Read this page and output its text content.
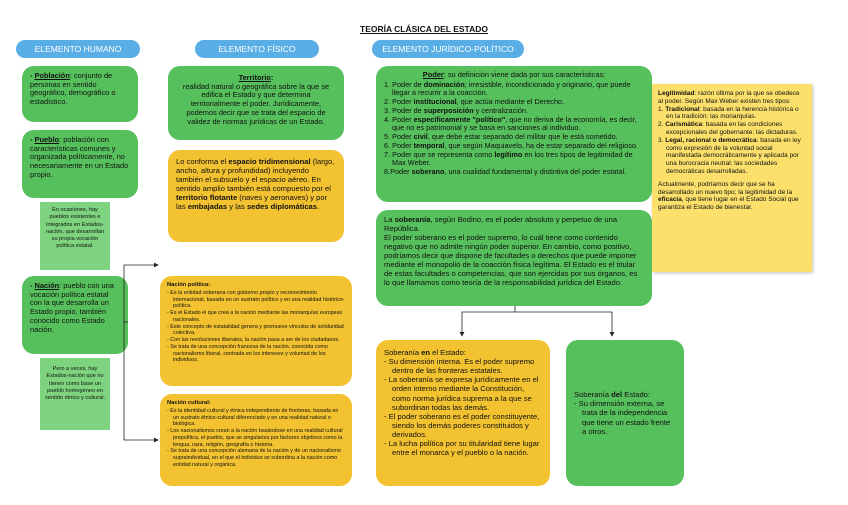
TEORÍA CLÁSICA DEL ESTADO
ELEMENTO HUMANO	ELEMENTO FÍSICO	ELEMENTO JURÍDICO-POLÍTICO
- Población: conjunto de personas en sentido geográfico, demográfico o estadístico.
- Pueblo: población con características comunes y organizada políticamente, no necesariamente en un Estado propio.
En ocasiones, hay pueblos existentes e integrados en Estados-nación, que desarrollan su propia vocación política estatal.
- Nación: pueblo con una vocación política estatal con la que desarrolla un Estado propio, también conocido como Estado nación.
Pero a veces, hay Estados-nación que no tienen como base un pueblo homogéneo en sentido étnico y cultural.
Nación política:
- Es la entidad soberana con gobierno propio y reconocimiento internacional, basada en un sustrato político y en una realidad histórico-política.
- Es el Estado el que crea a la nación mediante las monarquías europeas nacionales.
- Este concepto de estatalidad genera y promueve vínculos de solidaridad colectiva.
- Con las revoluciones liberales, la nación pasa a ser de los ciudadanos.
- Se trata de una concepción francesa de la nación, conocida como nacionalismo liberal, centrada en los intereses y voluntad de los individuos.
Nación cultural:
- Es la identidad cultural y étnica independiente de fronteras, basada en un sustrato étnico-cultural diferenciado y en una realidad natural o biológica.
- Los nacionalismos crean a la nación basándose en una realidad cultural prepolítica, el pueblo, que se singulariza por factores objetivos como la lengua, raza, religión, geografía o historia.
- Se trata de una concepción alemana de la nación y de un nacionalismo supraindividual, en el que el individuo se subordina a la nación como entidad natural y orgánica.
Territorio:
realidad natural o geográfica sobre la que se edifica el Estado y que determina territorialmente el poder. Jurídicamente, podemos decir que se trata del espacio de validez de normas jurídicas de un Estado.
Lo conforma el espacio tridimensional (largo, ancho, altura y profundidad) incluyendo también el subsuelo y el espacio aéreo. En sentido amplio también está compuesto por el territorio flotante (naves y aeronaves) y por las embajadas y las sedes diplomáticas.
Poder: su definición viene dada por sus características:
1. Poder de dominación; irresistible, incondicionado y originario, que puede llegar a recurrir a la coacción.
2. Poder institucional, que actúa mediante el Derecho.
3. Poder de superposición y centralización.
4. Poder específicamente "político", que no deriva de la economía, es decir, que no es patrimonial y se basa en sanciones al individuo.
5. Poder civil, que debe estar separado del militar que le está sometido.
6. Poder temporal, que según Maquiavelo, ha de estar separado del religioso.
7. Poder que se representa como legítimo en los tres tipos de legitimidad de Max Weber.
8.Poder soberano, una cualidad fundamental y distintiva del poder estatal.
Legitimidad: razón última por la que se obedece al poder. Según Max Weber existen tres tipos:
1. Tradicional: basada en la herencia histórica o en la tradición: las monarquías.
2. Carismática: basada en las condiciones excepcionales del gobernante: las dictaduras.
3. Legal, racional o democrática: basada en ley como expresión de la voluntad social manifestada democráticamente y aplicada por una burocracia neutral: las sociedades democráticas desarrolladas.
Actualmente, podríamos decir que se ha desarrollado un nuevo tipo; la legitimidad de la eficacia, que tiene lugar en el Estado Social que garantiza el Estado de bienestar.
La soberanía, según Bodino, es el poder absoluto y perpetuo de una República.
El poder soberano es el poder supremo, lo cuál tiene como contenido negativo que no admite ningún poder superior. En cambio, como positivo, podríamos decir que dispone de facultades o derechos que puede imponer mediante el monopolio de la coacción física legítima. El Estado es el titular de estas facultades o competencias, que son ejercidas por sus órganos, es lo que llamamos como teoría de la responsabilidad jurídica del Estado.
Soberanía en el Estado:
- Su dimensión interna. Es el poder supremo dentro de las fronteras estatales.
- La soberanía se expresa jurídicamente en el orden interno mediante la Constitución, como norma jurídica suprema a la que se subordinan todas las demás.
- El poder soberano es el poder constituyente, siendo los demás poderes constituidos y derivados.
- La lucha política por su titularidad tiene lugar entre el monarca y el pueblo o la nación.
Soberanía del Estado:
- Su dimensión externa, se trata de la independencia que tiene un estado frente a otros.
